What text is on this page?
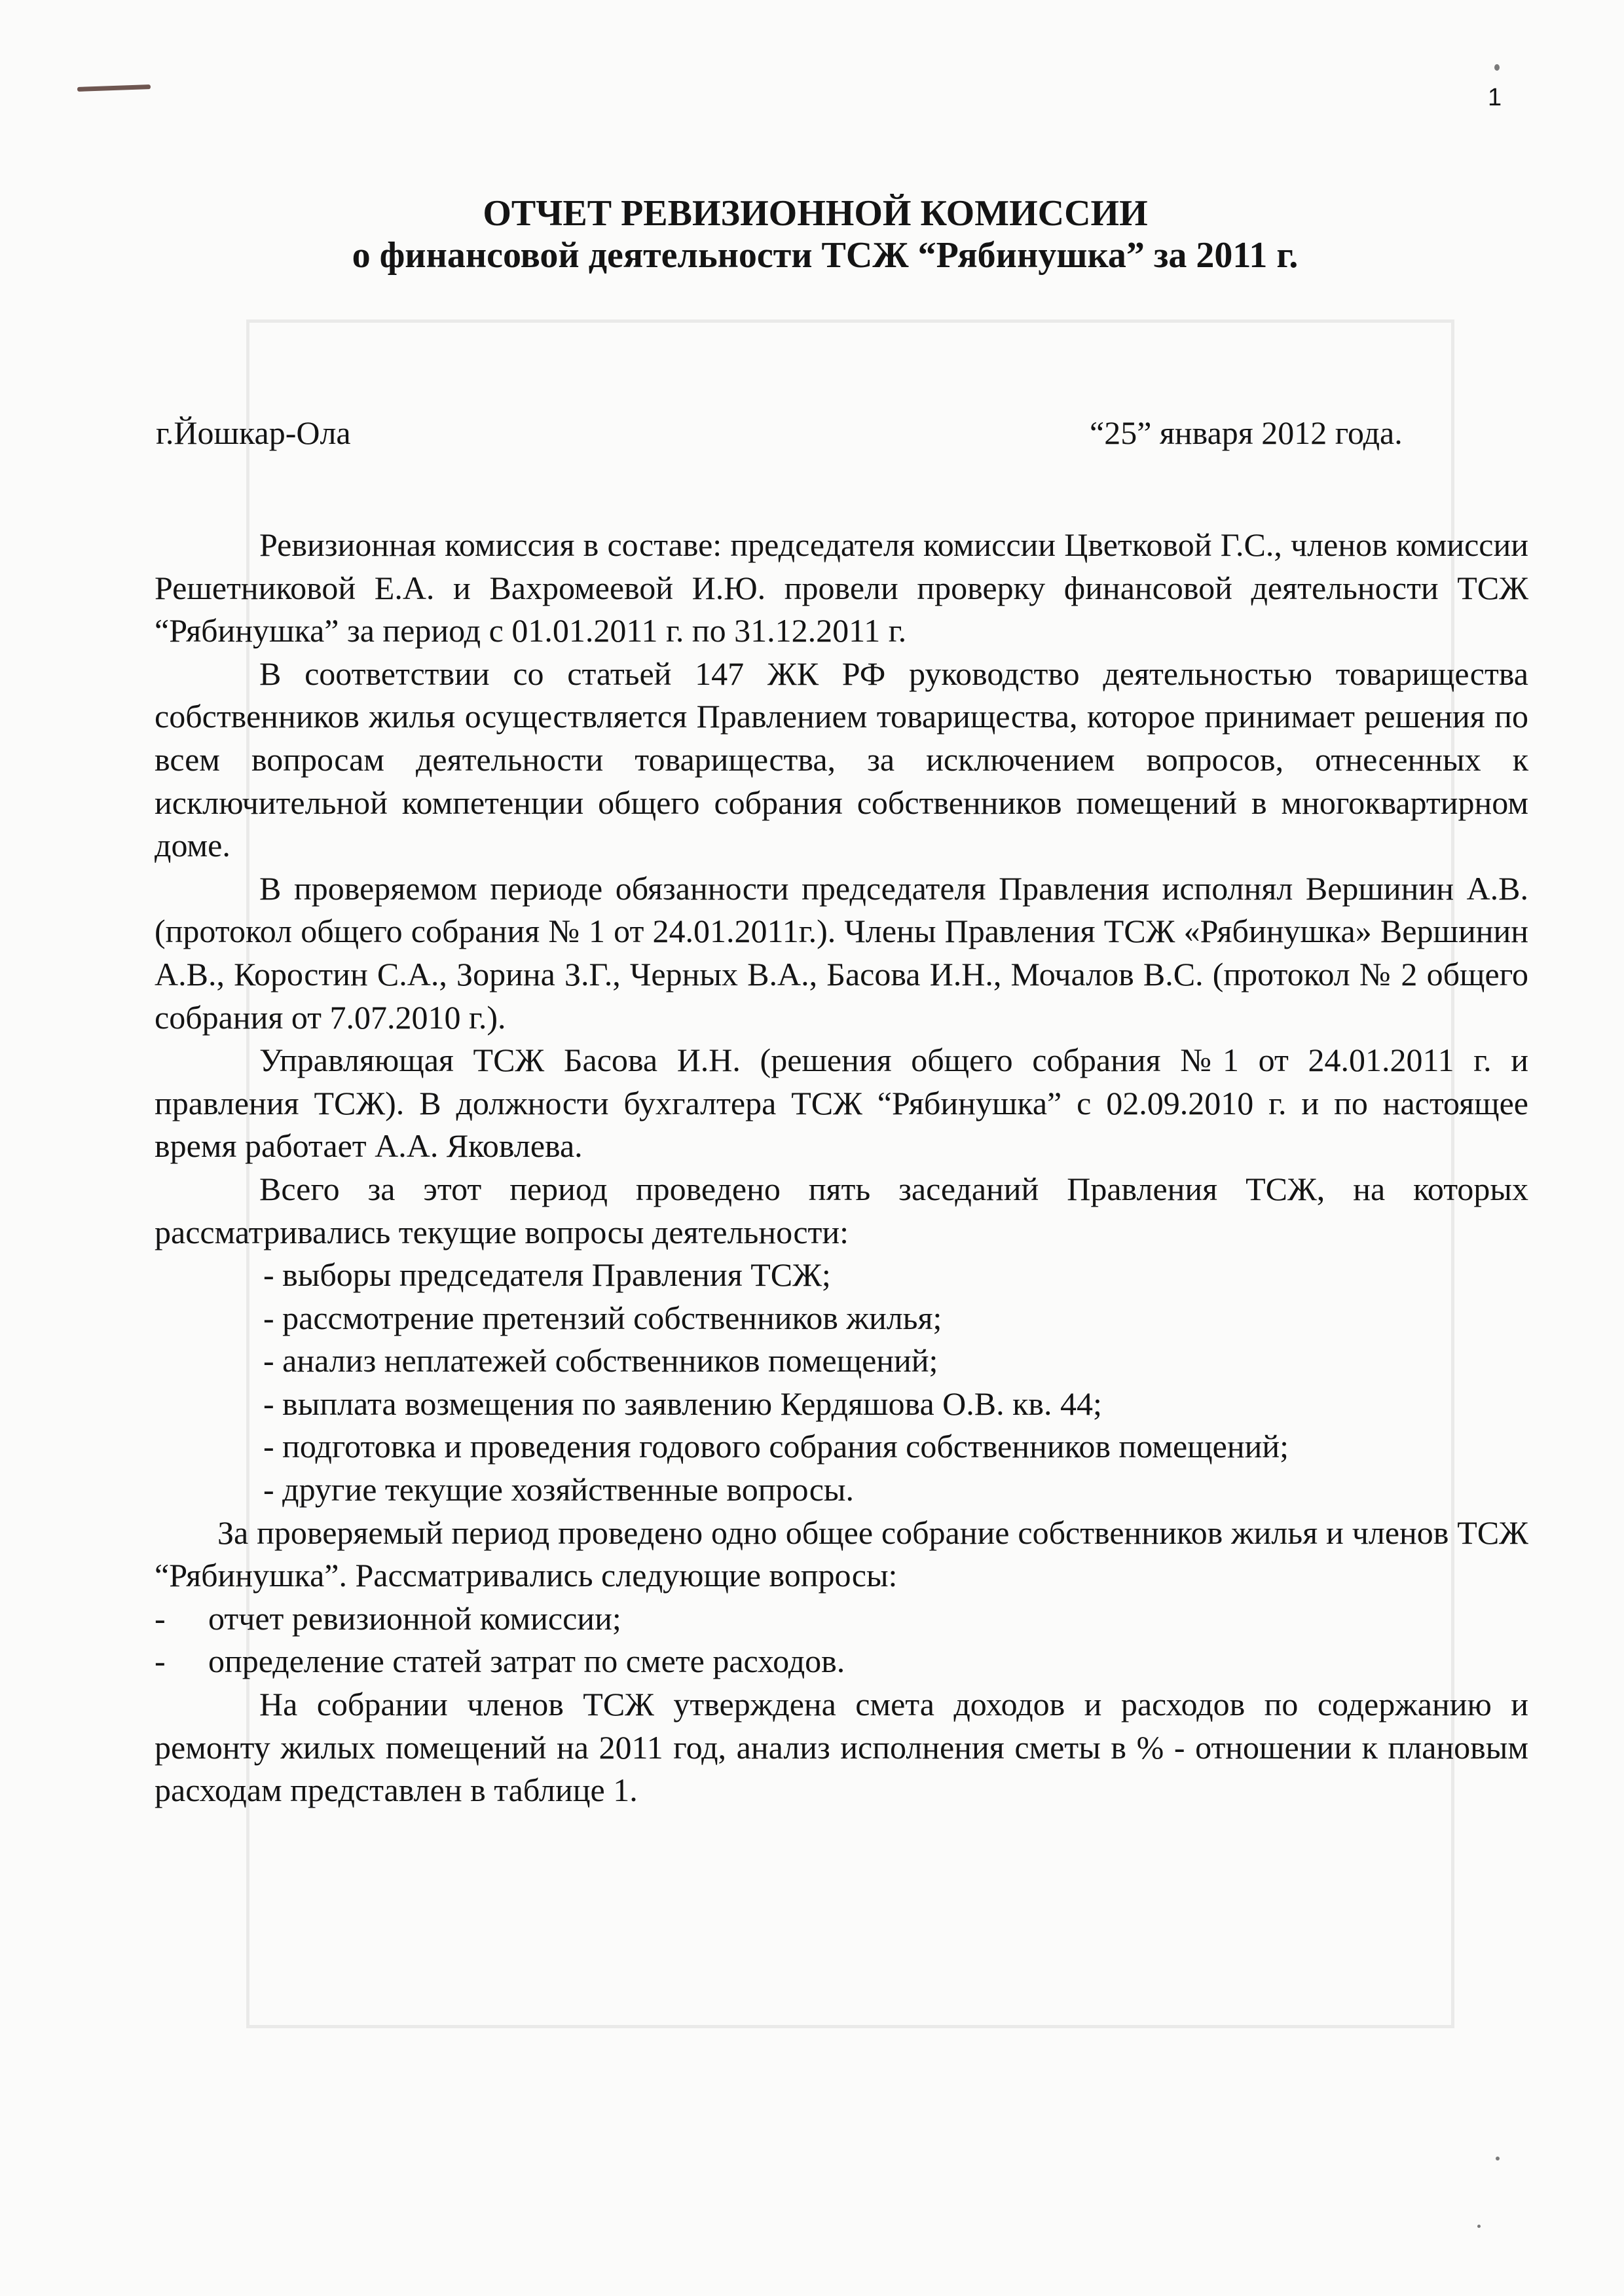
1
ОТЧЕТ РЕВИЗИОННОЙ КОМИССИИ
о финансовой деятельности ТСЖ “Рябинушка” за 2011 г.
г.Йошкар-Ола	“25” января 2012 года.

Ревизионная комиссия в составе: председателя комиссии Цветковой Г.С., членов комиссии Решетниковой Е.А. и Вахромеевой И.Ю. провели проверку финансовой деятельности ТСЖ “Рябинушка” за период с 01.01.2011 г. по 31.12.2011 г.

В соответствии со статьей 147 ЖК РФ руководство деятельностью товарищества собственников жилья осуществляется Правлением товарищества, которое принимает решения по всем вопросам деятельности товарищества, за исключением вопросов, отнесенных к исключительной компетенции общего собрания собственников помещений в многоквартирном доме.

В проверяемом периоде обязанности председателя Правления исполнял Вершинин А.В. (протокол общего собрания № 1 от 24.01.2011г.). Члены Правления ТСЖ «Рябинушка» Вершинин А.В., Коростин С.А., Зорина З.Г., Черных В.А., Басова И.Н., Мочалов В.С. (протокол № 2 общего собрания от 7.07.2010 г.).

Управляющая ТСЖ Басова И.Н. (решения общего собрания №1 от 24.01.2011 г. и правления ТСЖ). В должности бухгалтера ТСЖ “Рябинушка” с 02.09.2010 г. и по настоящее время работает А.А. Яковлева.

Всего за этот период проведено пять заседаний Правления ТСЖ, на которых рассматривались текущие вопросы деятельности:

- выборы председателя Правления ТСЖ;
- рассмотрение претензий собственников жилья;
- анализ неплатежей собственников помещений;
- выплата возмещения по заявлению Кердяшова О.В. кв. 44;
- подготовка и проведения годового собрания собственников помещений;
- другие текущие хозяйственные вопросы.

За проверяемый период проведено одно общее собрание собственников жилья и членов ТСЖ “Рябинушка”. Рассматривались следующие вопросы:

- отчет ревизионной комиссии;
- определение статей затрат по смете расходов.

На собрании членов ТСЖ утверждена смета доходов и расходов по содержанию и ремонту жилых помещений на 2011 год, анализ исполнения сметы в % - отношении к плановым расходам представлен в таблице 1.
